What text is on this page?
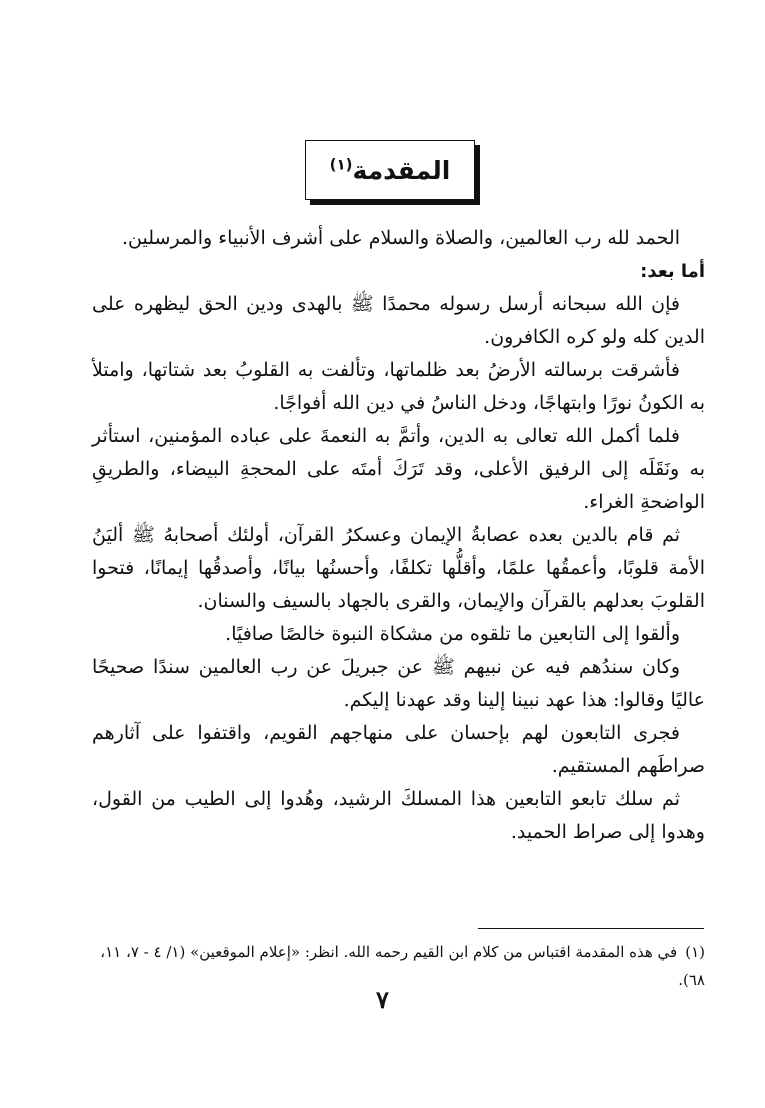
المقدمة$^{(١)}$

الحمد لله رب العالمين، والصلاة والسلام على أشرف الأنبياء والمرسلين.

أما بعد:

فإن الله سبحانه أرسل رسوله محمدًا ﷺ بالهدى ودين الحق ليظهره على الدين كله ولو كره الكافرون.

فأشرقت برسالته الأرضُ بعد ظلماتها، وتألفت به القلوبُ بعد شتاتها، وامتلأ به الكونُ نورًا وابتهاجًا، ودخل الناسُ في دين الله أفواجًا.

فلما أكمل الله تعالى به الدين، وأتمَّ به النعمةَ على عباده المؤمنين، استأثر به ونَقَلَه إلى الرفيق الأعلى، وقد تَرَكَ أمتَه على المحجةِ البيضاء، والطريقِ الواضحةِ الغراء.

ثم قام بالدين بعده عصابةُ الإيمان وعسكرُ القرآن، أولئك أصحابهُ ﷺ أليَنُ الأمة قلوبًا، وأعمقُها علمًا، وأقلُّها تكلفًا، وأحسنُها بيانًا، وأصدقُها إيمانًا، فتحوا القلوبَ بعدلهم بالقرآن والإيمان، والقرى بالجهاد بالسيف والسنان.

وألقوا إلى التابعين ما تلقوه من مشكاة النبوة خالصًا صافيًا.

وكان سندُهم فيه عن نبيهم ﷺ عن جبريلَ عن رب العالمين سندًا صحيحًا عاليًا وقالوا: هذا عهد نبينا إلينا وقد عهدنا إليكم.

فجرى التابعون لهم بإحسان على منهاجهم القويم، واقتفوا على آثارهم صراطَهم المستقيم.

ثم سلك تابعو التابعين هذا المسلكَ الرشيد، وهُدوا إلى الطيب من القول، وهدوا إلى صراط الحميد.

(١)في هذه المقدمة اقتباس من كلام ابن القيم رحمه الله. انظر: «إعلام الموقعين» (١/ ٤ - ٧، ١١، ٦٨).
٧
